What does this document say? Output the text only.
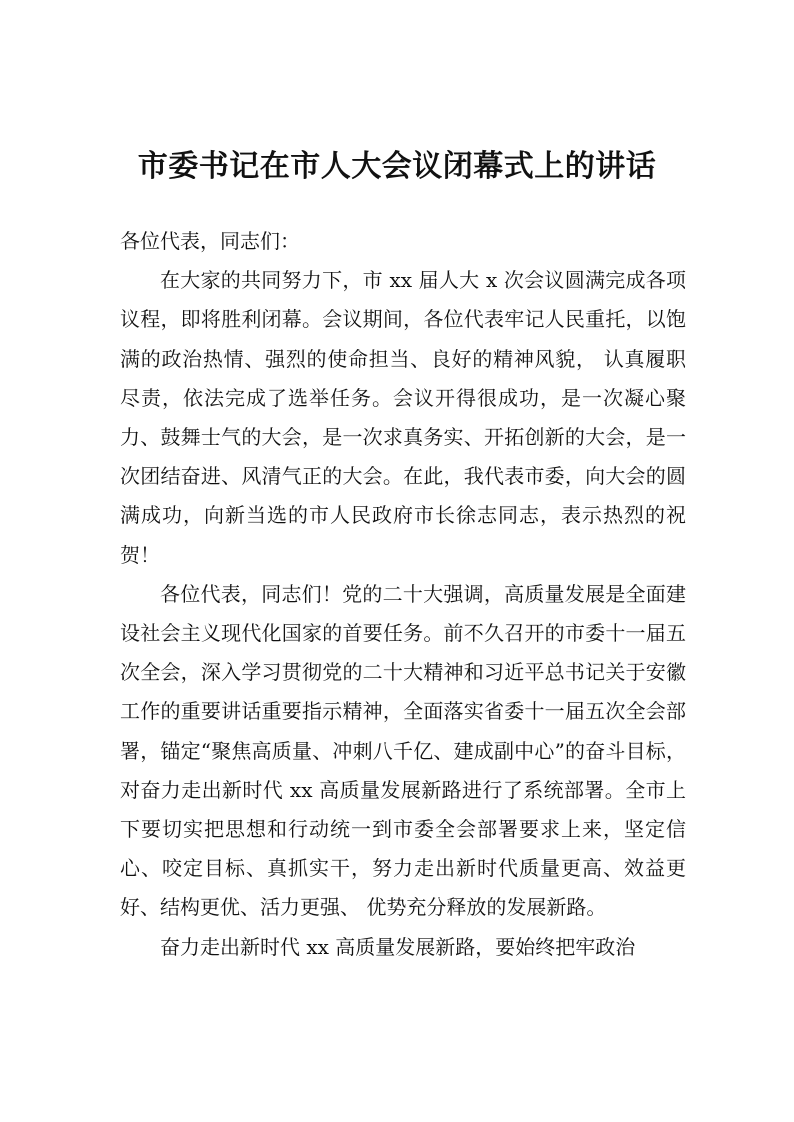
市委书记在市人大会议闭幕式上的讲话

各位代表，同志们：

在大家的共同努力下，市 xx 届人大 x 次会议圆满完成各项议程，即将胜利闭幕。会议期间，各位代表牢记人民重托，以饱满的政治热情、强烈的使命担当、良好的精神风貌， 认真履职尽责，依法完成了选举任务。会议开得很成功，是一次凝心聚力、鼓舞士气的大会，是一次求真务实、开拓创新的大会，是一次团结奋进、风清气正的大会。在此，我代表市委，向大会的圆满成功，向新当选的市人民政府市长徐志同志，表示热烈的祝贺！

各位代表，同志们！党的二十大强调，高质量发展是全面建设社会主义现代化国家的首要任务。前不久召开的市委十一届五次全会，深入学习贯彻党的二十大精神和习近平总书记关于安徽工作的重要讲话重要指示精神，全面落实省委十一届五次全会部署，锚定“聚焦高质量、冲刺八千亿、建成副中心”的奋斗目标，对奋力走出新时代 xx 高质量发展新路进行了系统部署。全市上下要切实把思想和行动统一到市委全会部署要求上来，坚定信心、咬定目标、真抓实干，努力走出新时代质量更高、效益更好、结构更优、活力更强、 优势充分释放的发展新路。

奋力走出新时代 xx 高质量发展新路，要始终把牢政治
